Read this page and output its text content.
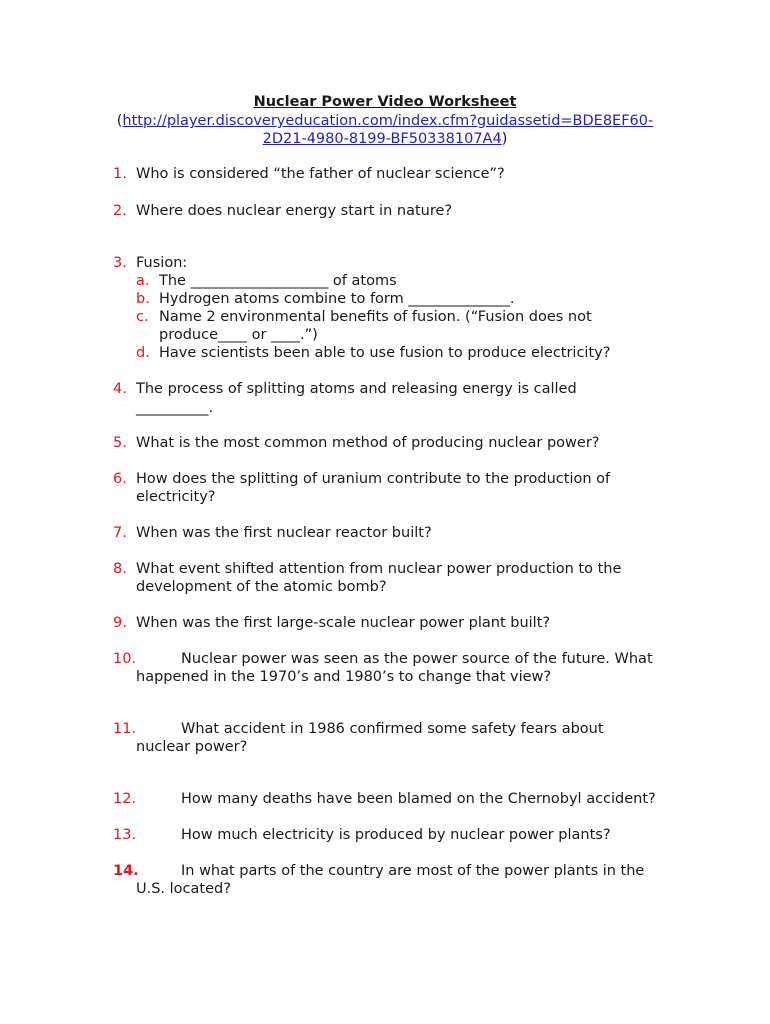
Nuclear Power Video Worksheet
(http://player.discoveryeducation.com/index.cfm?guidassetid=BDE8EF60-
2D21-4980-8199-BF50338107A4)
1. Who is considered “the father of nuclear science”?
2. Where does nuclear energy start in nature?
3. Fusion:
a. The ___________________ of atoms
b. Hydrogen atoms combine to form ______________.
c. Name 2 environmental benefits of fusion. (“Fusion does not
produce____ or ____.”)
d. Have scientists been able to use fusion to produce electricity?
4. The process of splitting atoms and releasing energy is called
__________.
5. What is the most common method of producing nuclear power?
6. How does the splitting of uranium contribute to the production of
electricity?
7. When was the first nuclear reactor built?
8. What event shifted attention from nuclear power production to the
development of the atomic bomb?
9. When was the first large-scale nuclear power plant built?
10.	Nuclear power was seen as the power source of the future. What
happened in the 1970’s and 1980’s to change that view?
11.	What accident in 1986 confirmed some safety fears about
nuclear power?
12.	How many deaths have been blamed on the Chernobyl accident?
13.	How much electricity is produced by nuclear power plants?
14.	In what parts of the country are most of the power plants in the
U.S. located?
